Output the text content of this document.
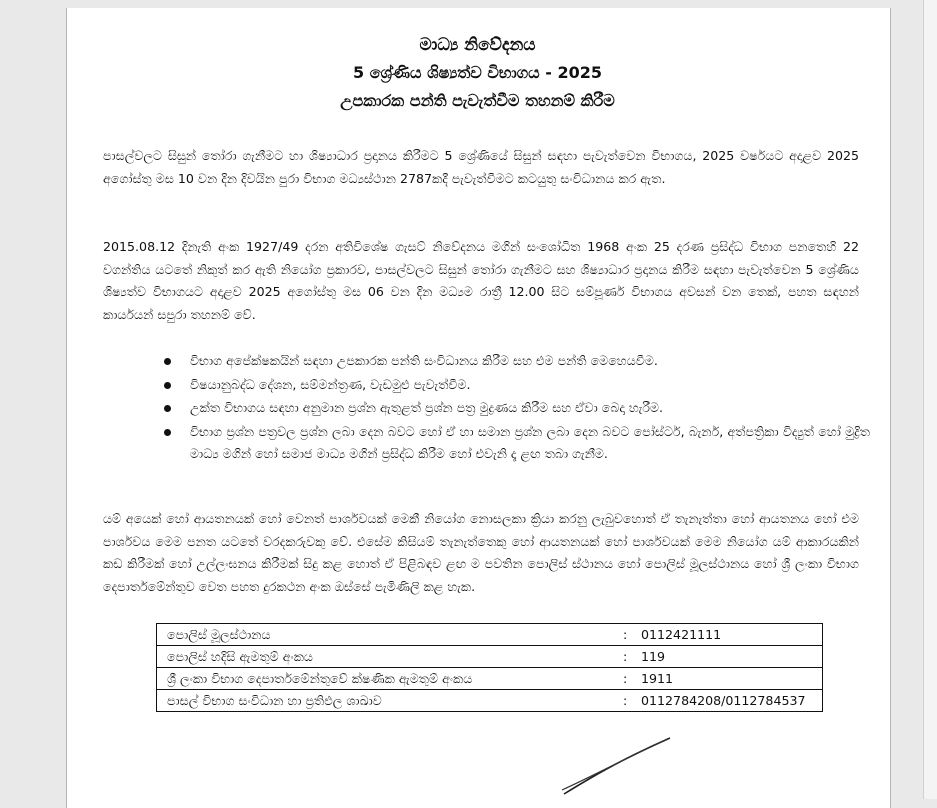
මාධ්‍ය නිවේදනය
5 ශ්‍රේණිය ශිෂ්‍යත්ව විභාගය - 2025
උපකාරක පන්ති පැවැත්වීම තහනම් කිරීම

පාසල්වලට සිසුන් තෝරා ගැනීමට හා ශිෂ්‍යාධාර ප්‍රදානය කිරීමට 5 ශ්‍රේණියේ සිසුන් සඳහා පැවැත්වෙන විභාගය, 2025 වර්ෂයට අදාළව 2025 අගෝස්තු මස 10 වන දින දිවයින පුරා විභාග මධ්‍යස්ථාන 2787කදී පැවැත්වීමට කටයුතු සංවිධානය කර ඇත.

2015.08.12 දිනැති අංක 1927/49 දරන අතිවිශේෂ ගැසට් නිවේදනය මගින් සංශෝධිත 1968 අංක 25 දරණ ප්‍රසිද්ධ විභාග පනතෙහි 22 වගන්තිය යටතේ නිකුත් කර ඇති නියෝග ප්‍රකාරව, පාසල්වලට සිසුන් තෝරා ගැනීමට සහ ශිෂ්‍යාධාර ප්‍රදානය කිරීම සඳහා පැවැත්වෙන 5 ශ්‍රේණිය ශිෂ්‍යත්ව විභාගයට අදාළව 2025 අගෝස්තු මස 06 වන දින මධ්‍යම රාත්‍රී 12.00 සිට සම්පූර්ණ විභාගය අවසන් වන තෙක්, පහත සඳහන් කාර්යයන් සපුරා තහනම් වේ.

විභාග අපේක්ෂකයින් සඳහා උපකාරක පන්ති සංවිධානය කිරීම සහ එම පන්ති මෙහෙයවීම.
විෂයානුබද්ධ දේශන, සම්මන්ත්‍රණ, වැඩමුළු පැවැත්වීම.
උක්ත විභාගය සඳහා අනුමාන ප්‍රශ්න ඇතුළත් ප්‍රශ්න පත්‍ර මුද්‍රණය කිරීම සහ ඒවා බෙදා හැරීම.
විභාග ප්‍රශ්න පත්‍රවල ප්‍රශ්න ලබා දෙන බවට හෝ ඒ හා සමාන ප්‍රශ්න ලබා දෙන බවට පෝස්ටර්, බැනර්, අත්පත්‍රිකා විද්‍යුත් හෝ මුද්‍රිත මාධ්‍ය මගින් හෝ සමාජ මාධ්‍ය මගින් ප්‍රසිද්ධ කිරීම හෝ එවැනි දෑ ළඟ තබා ගැනීම.

යම් අයෙක් හෝ ආයතනයක් හෝ වෙනත් පාර්ශවයක් මෙකී නියෝග නොසලකා ක්‍රියා කරනු ලැබුවහොත් ඒ තැනැත්තා හෝ ආයතනය හෝ එම පාර්ශවය මෙම පනත යටතේ වරදකරුවකු වේ. එසේම කිසියම් තැනැත්තෙකු හෝ ආයතනයක් හෝ පාර්ශවයක් මෙම නියෝග යම් ආකාරයකින් කඩ කිරීමක් හෝ උල්ලංඝනය කිරීමක් සිදු කළ හොත් ඒ පිළිබඳව ළඟ ම පවතින පොලිස් ස්ථානය හෝ පොලිස් මූලස්ථානය හෝ ශ්‍රී ලංකා විභාග දෙපාර්තමේන්තුව වෙත පහත දුරකථන අංක ඔස්සේ පැමිණිලි කළ හැක.

පොලිස් මූලස්ථානය	: 0112421111
පොලිස් හදිසි ඇමතුම් අංකය	: 119
ශ්‍රී ලංකා විභාග දෙපාර්තමේන්තුවේ ක්ෂණික ඇමතුම් අංකය	: 1911
පාසල් විභාග සංවිධාන හා ප්‍රතිඵල ශාඛාව	: 0112784208/0112784537
